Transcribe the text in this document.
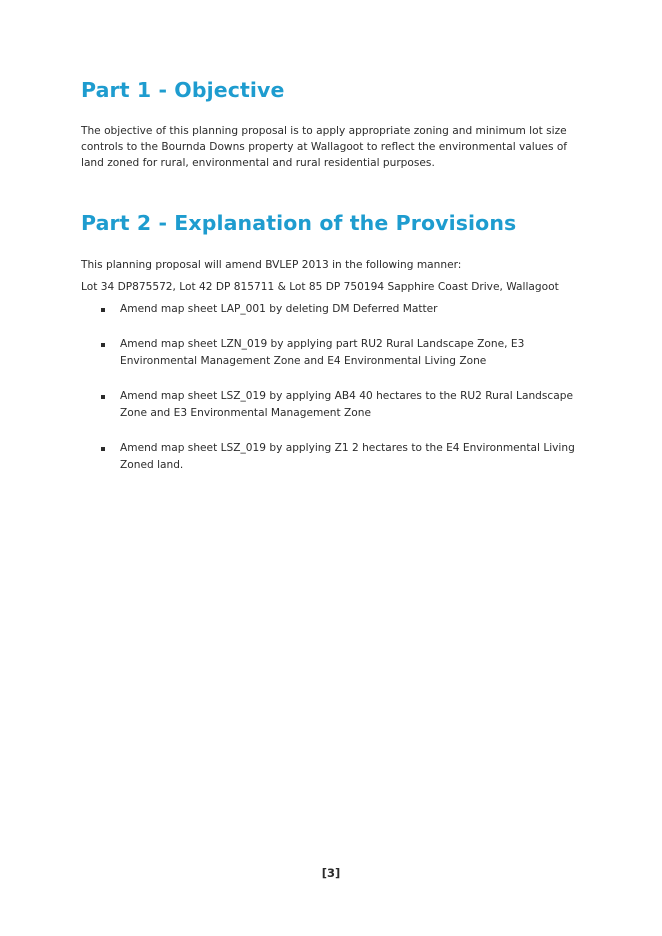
Part 1 - Objective

The objective of this planning proposal is to apply appropriate zoning and minimum lot size controls to the Bournda Downs property at Wallagoot to reflect the environmental values of land zoned for rural, environmental and rural residential purposes.

Part 2 - Explanation of the Provisions

This planning proposal will amend BVLEP 2013 in the following manner:

Lot 34 DP875572, Lot 42 DP 815711 & Lot 85 DP 750194 Sapphire Coast Drive, Wallagoot

Amend map sheet LAP_001 by deleting DM Deferred Matter
Amend map sheet LZN_019 by applying part RU2 Rural Landscape Zone, E3 Environmental Management Zone and E4 Environmental Living Zone
Amend map sheet LSZ_019 by applying AB4 40 hectares to the RU2 Rural Landscape Zone and E3 Environmental Management Zone
Amend map sheet LSZ_019 by applying Z1 2 hectares to the E4 Environmental Living Zoned land.
[3]
